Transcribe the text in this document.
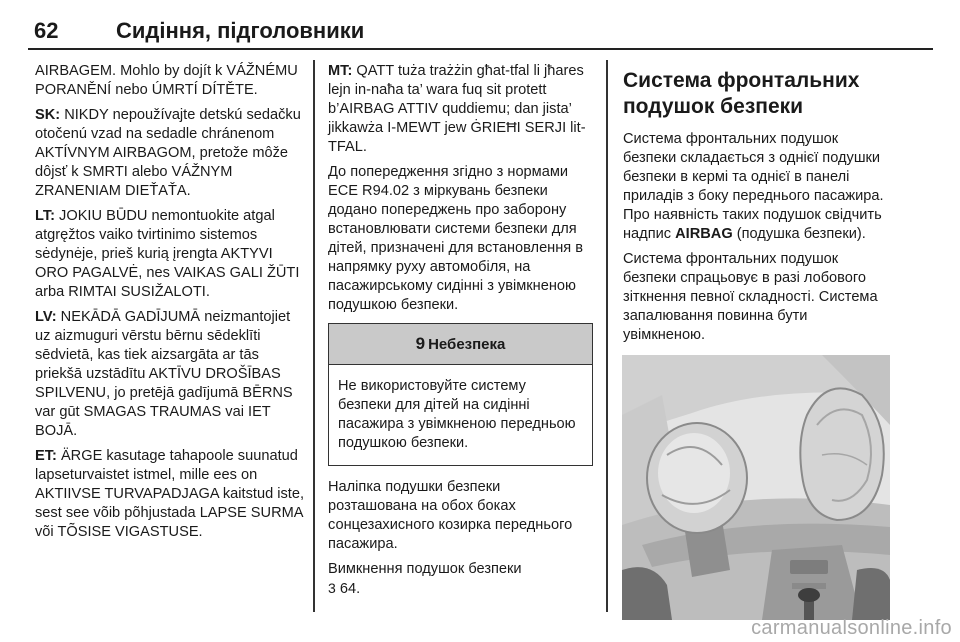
62	Сидіння, підголовники

AIRBAGEM. Mohlo by dojít k VÁŽNÉMU PORANĚNÍ nebo ÚMRTÍ DÍTĚTE.

SK: NIKDY nepoužívajte detskú sedačku otočenú vzad na sedadle chránenom AKTÍVNYM AIRBAGOM, pretože môže dôjsť k SMRTI alebo VÁŽNYM ZRANENIAM DIEŤAŤA.

LT: JOKIU BŪDU nemontuokite atgal atgręžtos vaiko tvirtinimo sistemos sėdynėje, prieš kurią įrengta AKTYVI ORO PAGALVĖ, nes VAIKAS GALI ŽŪTI arba RIMTAI SUSIŽALOTI.

LV: NEKĀDĀ GADĪJUMĀ neizmantojiet uz aizmuguri vērstu bērnu sēdeklīti sēdvietā, kas tiek aizsargāta ar tās priekšā uzstādītu AKTĪVU DROŠĪBAS SPILVENU, jo pretējā gadījumā BĒRNS var gūt SMAGAS TRAUMAS vai IET BOJĀ.

ET: ÄRGE kasutage tahapoole suunatud lapseturvaistet istmel, mille ees on AKTIIVSE TURVAPADJAGA kaitstud iste, sest see võib põhjustada LAPSE SURMA või TÕSISE VIGASTUSE.

MT: QATT tuża trażżin għat-tfal li jħares lejn in-naħa ta’ wara fuq sit protett b’AIRBAG ATTIV quddiemu; dan jista’ jikkawża I-MEWT jew ĠRIEĦI SERJI lit-TFAL.

До попередження згідно з нормами ECE R94.02 з міркувань безпеки додано попереджень про заборону встановлювати системи безпеки для дітей, призначені для встановлення в напрямку руху автомобіля, на пасажирському сидінні з увімкненою подушкою безпеки.

9 Небезпека
Не використовуйте систему безпеки для дітей на сидінні пасажира з увімкненою передньою подушкою безпеки.

Наліпка подушки безпеки розташована на обох боках сонцезахисного козирка переднього пасажира.

Вимкнення подушок безпеки
3 64.

Система фронтальних подушок безпеки

Система фронтальних подушок безпеки складається з однієї подушки безпеки в кермі та однієї в панелі приладів з боку переднього пасажира. Про наявність таких подушок свідчить надпис AIRBAG (подушка безпеки).

Система фронтальних подушок безпеки спрацьовує в разі лобового зіткнення певної складності. Система запалювання повинна бути увімкненою.

carmanualsonline.info
